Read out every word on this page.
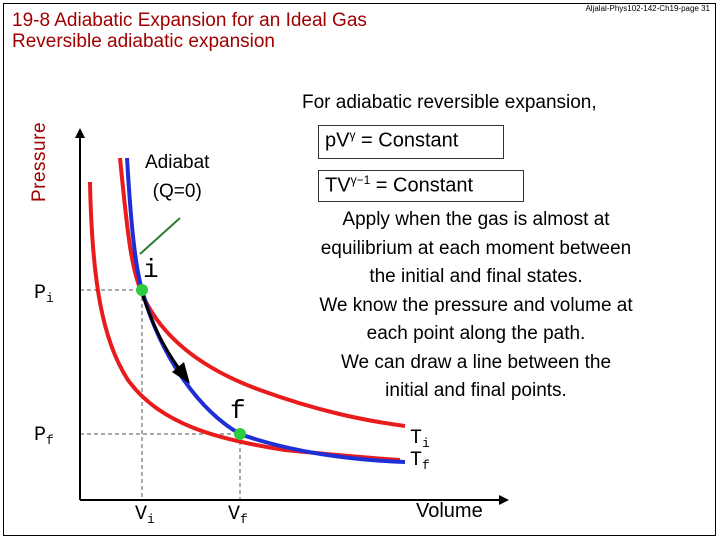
19-8 Adiabatic Expansion for an Ideal Gas
Reversible adiabatic expansion
Aljalal-Phys102-142-Ch19-page 31
Pressure
For adiabatic reversible expansion,
$pV^\gamma$ = Constant
$TV^{\gamma-1}$ = Constant
Apply when the gas is almost at
equilibrium at each moment between
the initial and final states.
We know the pressure and volume at
each point along the path.
We can draw a line between the
initial and final points.
Adiabat
(Q=0)
$P_i$
$P_f$
$V_i$	$V_f$
i
f
$T_i$
$T_f$
Volume
